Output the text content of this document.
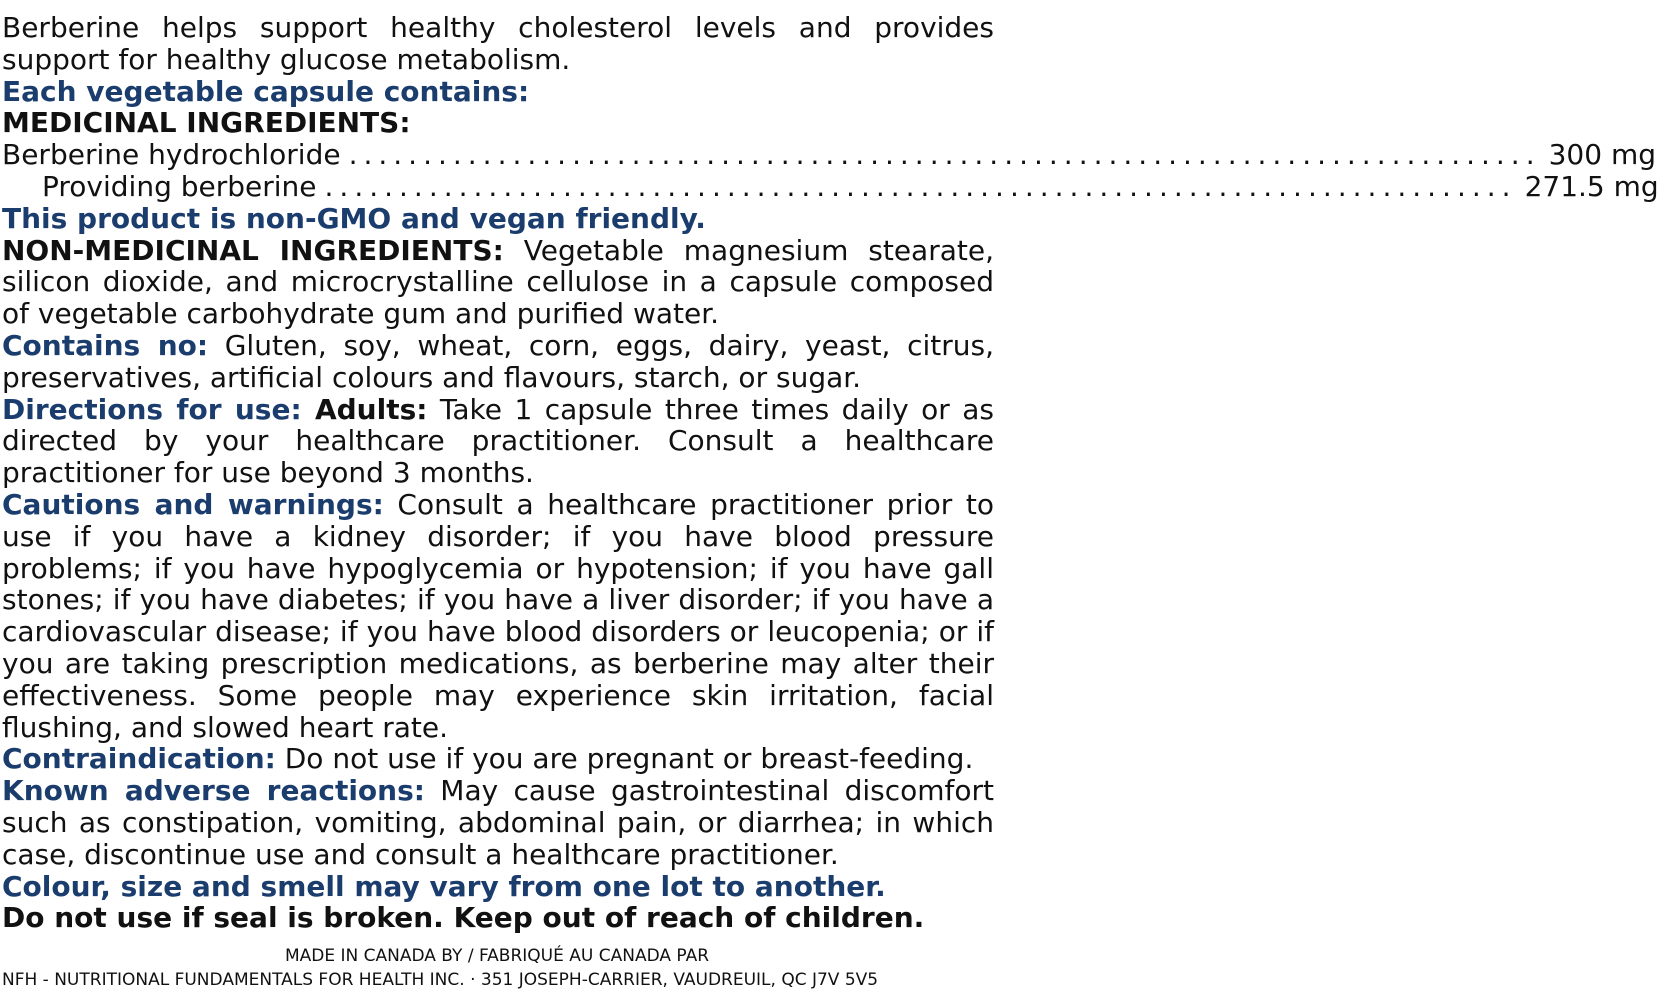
Berberine helps support healthy cholesterol levels and provides support for healthy glucose metabolism.

Each vegetable capsule contains:

MEDICINAL INGREDIENTS:

Berberine hydrochloride ................................................................................ 300 mg
Providing berberine ................................................................................ 271.5 mg

This product is non-GMO and vegan friendly.

NON-MEDICINAL INGREDIENTS: Vegetable magnesium stearate, silicon dioxide, and microcrystalline cellulose in a capsule composed of vegetable carbohydrate gum and purified water.

Contains no: Gluten, soy, wheat, corn, eggs, dairy, yeast, citrus, preservatives, artificial colours and flavours, starch, or sugar.

Directions for use: Adults: Take 1 capsule three times daily or as directed by your healthcare practitioner. Consult a healthcare practitioner for use beyond 3 months.

Cautions and warnings: Consult a healthcare practitioner prior to use if you have a kidney disorder; if you have blood pressure problems; if you have hypoglycemia or hypotension; if you have gall stones; if you have diabetes; if you have a liver disorder; if you have a cardiovascular disease; if you have blood disorders or leucopenia; or if you are taking prescription medications, as berberine may alter their effectiveness. Some people may experience skin irritation, facial flushing, and slowed heart rate.

Contraindication: Do not use if you are pregnant or breast-feeding.

Known adverse reactions: May cause gastrointestinal discomfort such as constipation, vomiting, abdominal pain, or diarrhea; in which case, discontinue use and consult a healthcare practitioner.

Colour, size and smell may vary from one lot to another.

Do not use if seal is broken. Keep out of reach of children.

MADE IN CANADA BY / FABRIQUÉ AU CANADA PAR
NFH - NUTRITIONAL FUNDAMENTALS FOR HEALTH INC. · 351 JOSEPH-CARRIER, VAUDREUIL, QC J7V 5V5
